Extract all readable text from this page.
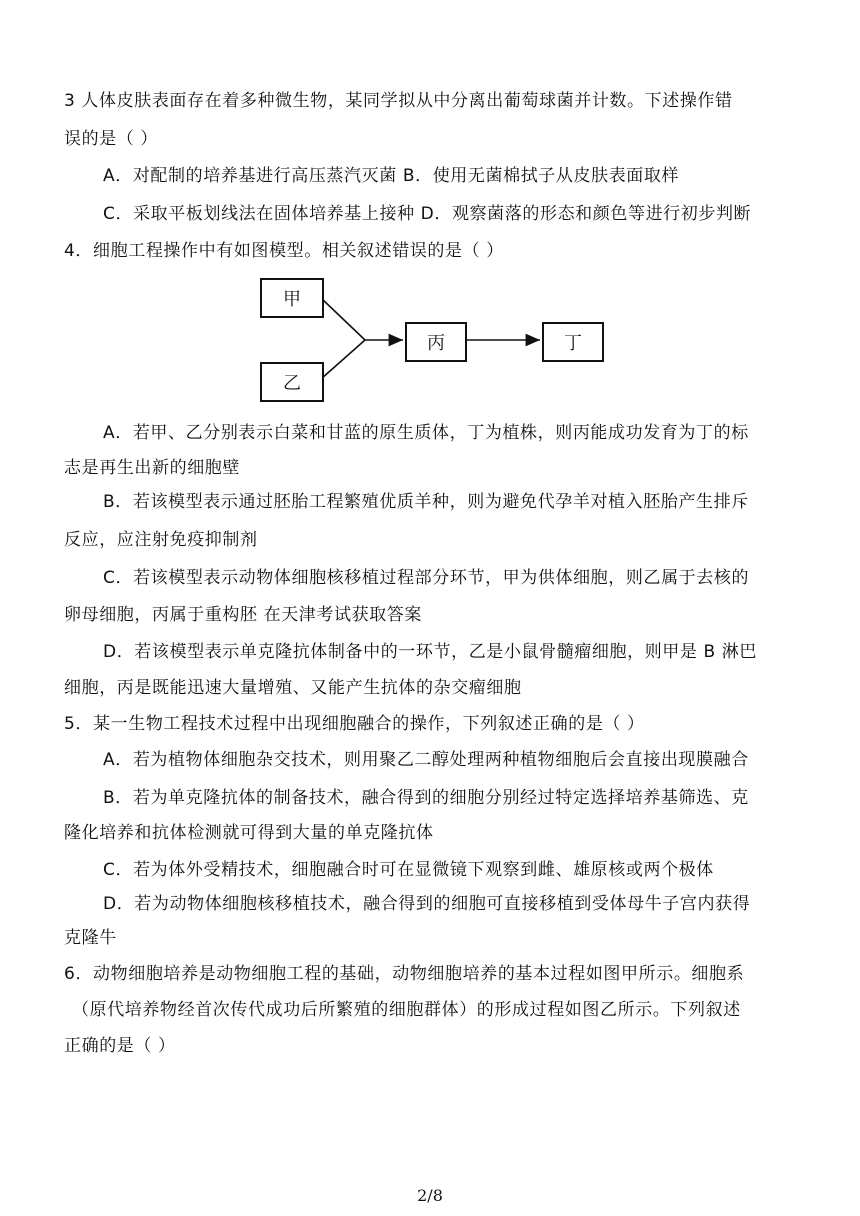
3 人体皮肤表面存在着多种微生物，某同学拟从中分离出葡萄球菌并计数。下述操作错
误的是（ ）
A．对配制的培养基进行高压蒸汽灭菌 B．使用无菌棉拭子从皮肤表面取样
C．采取平板划线法在固体培养基上接种 D．观察菌落的形态和颜色等进行初步判断
4．细胞工程操作中有如图模型。相关叙述错误的是（ ）
甲
乙
丙	丁
A．若甲、乙分别表示白菜和甘蓝的原生质体，丁为植株，则丙能成功发育为丁的标
志是再生出新的细胞壁
B．若该模型表示通过胚胎工程繁殖优质羊种，则为避免代孕羊对植入胚胎产生排斥
反应，应注射免疫抑制剂
C．若该模型表示动物体细胞核移植过程部分环节，甲为供体细胞，则乙属于去核的
卵母细胞，丙属于重构胚 在天津考试获取答案
D．若该模型表示单克隆抗体制备中的一环节，乙是小鼠骨髓瘤细胞，则甲是 B 淋巴
细胞，丙是既能迅速大量增殖、又能产生抗体的杂交瘤细胞
5．某一生物工程技术过程中出现细胞融合的操作，下列叙述正确的是（ ）
A．若为植物体细胞杂交技术，则用聚乙二醇处理两种植物细胞后会直接出现膜融合
B．若为单克隆抗体的制备技术，融合得到的细胞分别经过特定选择培养基筛选、克
隆化培养和抗体检测就可得到大量的单克隆抗体
C．若为体外受精技术，细胞融合时可在显微镜下观察到雌、雄原核或两个极体
D．若为动物体细胞核移植技术，融合得到的细胞可直接移植到受体母牛子宫内获得
克隆牛
6．动物细胞培养是动物细胞工程的基础，动物细胞培养的基本过程如图甲所示。细胞系
（原代培养物经首次传代成功后所繁殖的细胞群体）的形成过程如图乙所示。下列叙述
正确的是（ ）
2/8
